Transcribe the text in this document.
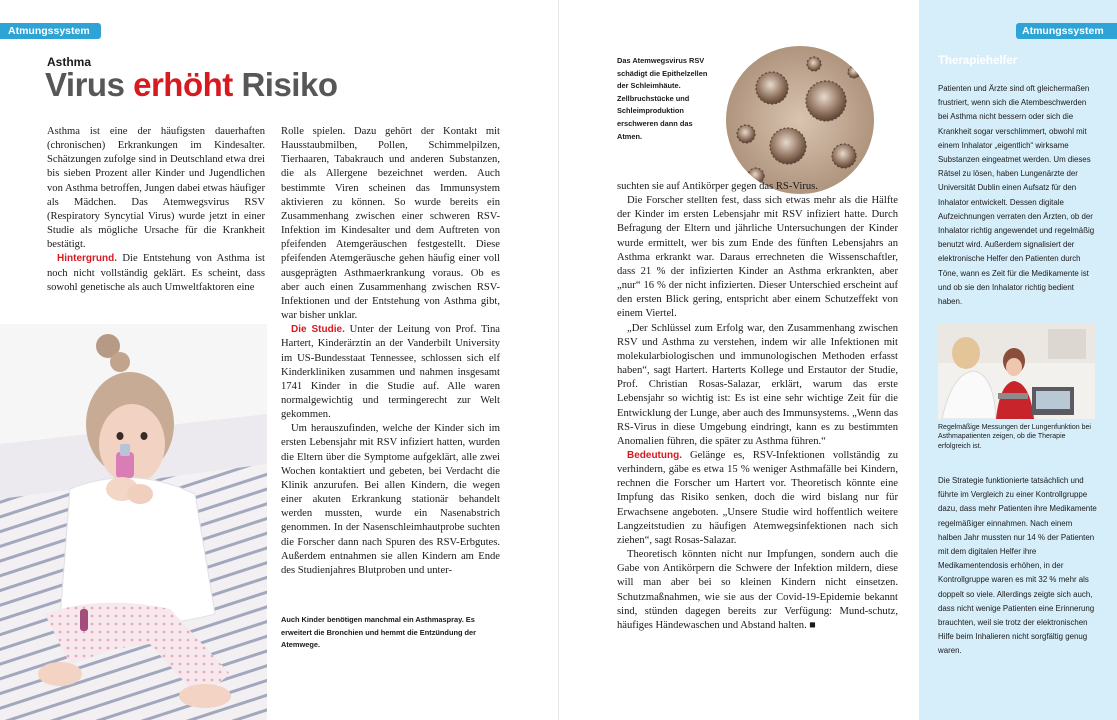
Atmungssystem
Asthma
Virus erhöht Risiko

Asthma ist eine der häufigsten dauerhaften (chronischen) Erkrankungen im Kindesalter. Schätzungen zufolge sind in Deutschland etwa drei bis sieben Prozent aller Kinder und Jugendlichen von Asthma betroffen, Jungen dabei etwas häufiger als Mädchen. Das Atemwegsvirus RSV (Respiratory Syncytial Virus) wurde jetzt in einer Studie als mögliche Ursache für die Krankheit bestätigt.

Hintergrund. Die Entstehung von Asthma ist noch nicht vollständig geklärt. Es scheint, dass sowohl genetische als auch Umweltfaktoren eine

Rolle spielen. Dazu gehört der Kontakt mit Hausstaubmilben, Pollen, Schimmelpilzen, Tierhaaren, Tabakrauch und anderen Substanzen, die als Allergene bezeichnet werden. Auch bestimmte Viren scheinen das Immunsystem aktivieren zu können. So wurde bereits ein Zusammenhang zwischen einer schweren RSV-Infektion im Kindesalter und dem Auftreten von pfeifenden Atemgeräuschen festgestellt. Diese pfeifenden Atemgeräusche gehen häufig einer voll ausgeprägten Asthmaerkrankung voraus. Ob es aber auch einen Zusammenhang zwischen RSV-Infektionen und der Entstehung von Asthma gibt, war bisher unklar.

Die Studie. Unter der Leitung von Prof. Tina Hartert, Kinderärztin an der Vanderbilt University im US-Bundesstaat Tennessee, schlossen sich elf Kinderkliniken zusammen und nahmen insgesamt 1741 Kinder in die Studie auf. Alle waren normalgewichtig und termingerecht zur Welt gekommen.

Um herauszufinden, welche der Kinder sich im ersten Lebensjahr mit RSV infiziert hatten, wurden die Eltern über die Symptome aufgeklärt, alle zwei Wochen kontaktiert und gebeten, bei Verdacht die Klinik anzurufen. Bei allen Kindern, die wegen einer akuten Erkrankung stationär behandelt werden mussten, wurde ein Nasenabstrich genommen. In der Nasenschleimhautprobe suchten die Forscher dann nach Spuren des RSV-Erbgutes. Außerdem entnahmen sie allen Kindern am Ende des Studienjahres Blutproben und unter-

Auch Kinder benötigen manchmal ein Asthmaspray. Es erweitert die Bronchien und hemmt die Entzündung der Atemwege.
Das Atemwegsvirus RSV schädigt die Epithelzellen der Schleimhäute. Zellbruchstücke und Schleimproduktion erschweren dann das Atmen.

suchten sie auf Antikörper gegen das RS-Virus.

Die Forscher stellten fest, dass sich etwas mehr als die Hälfte der Kinder im ersten Lebensjahr mit RSV infiziert hatte. Durch Befragung der Eltern und jährliche Untersuchungen der Kinder wurde ermittelt, wer bis zum Ende des fünften Lebensjahrs an Asthma erkrankt war. Daraus errechneten die Wissenschaftler, dass 21 % der infizierten Kinder an Asthma erkrankten, aber „nur“ 16 % der nicht infizierten. Dieser Unterschied erscheint auf den ersten Blick gering, entspricht aber einem Schutzeffekt von einem Viertel.

„Der Schlüssel zum Erfolg war, den Zusammenhang zwischen RSV und Asthma zu verstehen, indem wir alle Infektionen mit molekularbiologischen und immunologischen Methoden erfasst haben“, sagt Hartert. Harterts Kollege und Erstautor der Studie, Prof. Christian Rosas-Salazar, erklärt, warum das erste Lebensjahr so wichtig ist: Es ist eine sehr wichtige Zeit für die Entwicklung der Lunge, aber auch des Immunsystems. „Wenn das RS-Virus in diese Umgebung eindringt, kann es zu bestimmten Anomalien führen, die später zu Asthma führen.“

Bedeutung. Gelänge es, RSV-Infektionen vollständig zu verhindern, gäbe es etwa 15 % weniger Asthmafälle bei Kindern, rechnen die Forscher um Hartert vor. Theoretisch könnte eine Impfung das Risiko senken, doch die wird bislang nur für Erwachsene angeboten. „Unsere Studie wird hoffentlich weitere Langzeitstudien zu häufigen Atemwegsinfektionen nach sich ziehen“, sagt Rosas-Salazar.

Theoretisch könnten nicht nur Impfungen, sondern auch die Gabe von Antikörpern die Schwere der Infektion mildern, diese will man aber bei so kleinen Kindern nicht einsetzen. Schutzmaßnahmen, wie sie aus der Covid-19-Epidemie bekannt sind, stünden dagegen bereits zur Verfügung: Mund-schutz, häufiges Händewaschen und Abstand halten. ■

Atmungssystem
Therapiehelfer
Patienten und Ärzte sind oft gleichermaßen frustriert, wenn sich die Atembeschwerden bei Asthma nicht bessern oder sich die Krankheit sogar verschlimmert, obwohl mit einem Inhalator „eigentlich“ wirksame Substanzen eingeatmet werden. Um dieses Rätsel zu lösen, haben Lungenärzte der Universität Dublin einen Aufsatz für den Inhalator entwickelt. Dessen digitale Aufzeichnungen verraten den Ärzten, ob der Inhalator richtig angewendet und regelmäßig benutzt wird. Außerdem signalisiert der elektronische Helfer den Patienten durch Töne, wann es Zeit für die Medikamente ist und ob sie den Inhalator richtig bedient haben.
Regelmäßige Messungen der Lungenfunktion bei Asthmapatienten zeigen, ob die Therapie erfolgreich ist.
Die Strategie funktionierte tatsächlich und führte im Vergleich zu einer Kontrollgruppe dazu, dass mehr Patienten ihre Medikamente regelmäßiger einnahmen. Nach einem halben Jahr mussten nur 14 % der Patienten mit dem digitalen Helfer ihre Medikamentendosis erhöhen, in der Kontrollgruppe waren es mit 32 % mehr als doppelt so viele. Allerdings zeigte sich auch, dass nicht wenige Patienten eine Erinnerung brauchten, weil sie trotz der elektronischen Hilfe beim Inhalieren nicht sorgfältig genug waren.
